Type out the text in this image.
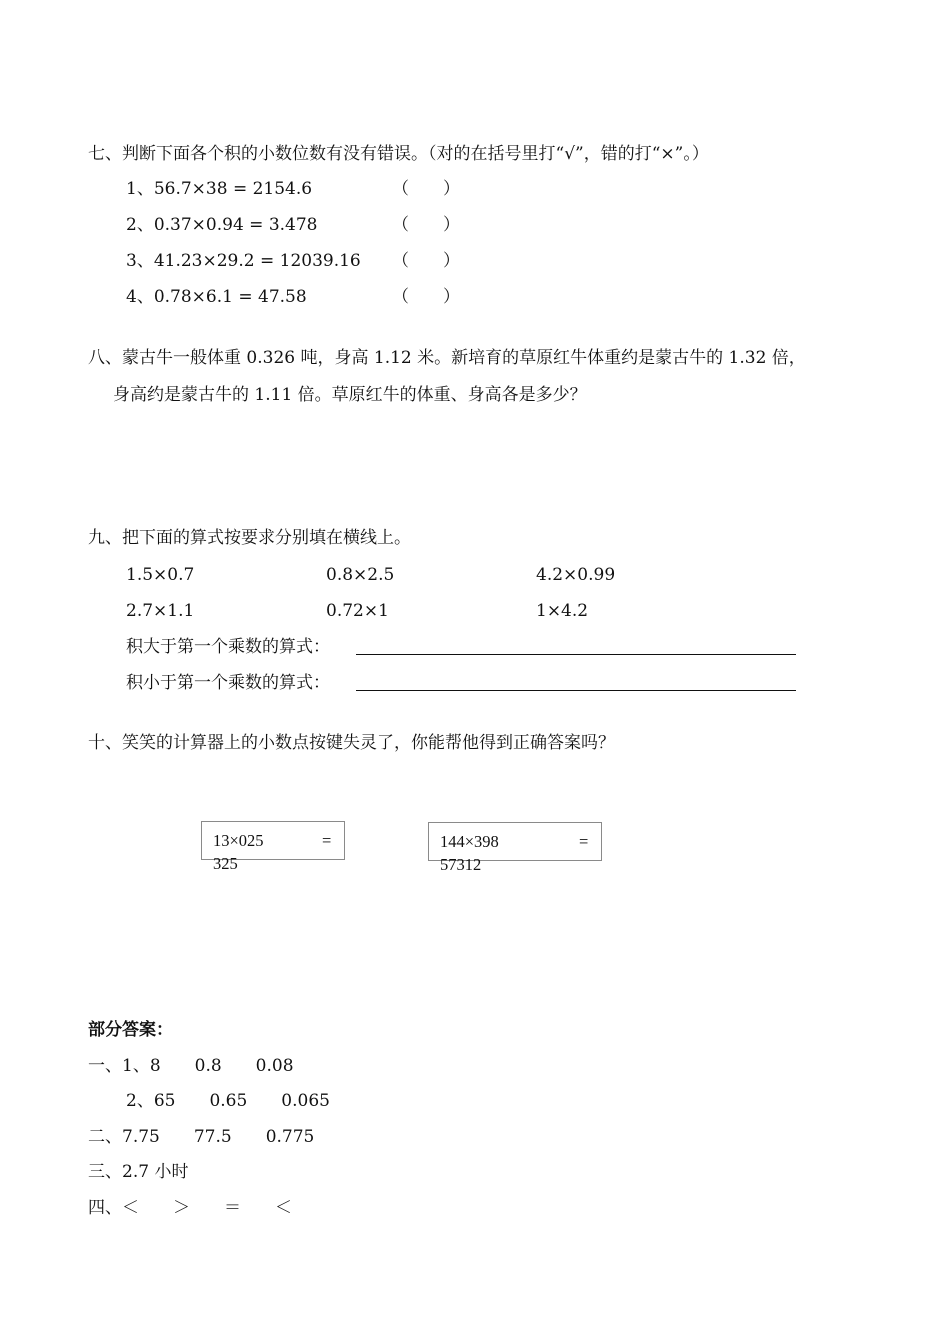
七、判断下面各个积的小数位数有没有错误。（对的在括号里打“√”，错的打“×”。）
1、56.7×38 = 2154.6	（　　）
2、0.37×0.94 = 3.478	（　　）
3、41.23×29.2 = 12039.16 （　　）
4、0.78×6.1 = 47.58	（　　）
八、蒙古牛一般体重 0.326 吨，身高 1.12 米。新培育的草原红牛体重约是蒙古牛的 1.32 倍，
身高约是蒙古牛的 1.11 倍。草原红牛的体重、身高各是多少？
九、把下面的算式按要求分别填在横线上。
1.5×0.7	0.8×2.5	4.2×0.99
2.7×1.1	0.72×1	1×4.2
积大于第一个乘数的算式：
积小于第一个乘数的算式：
十、笑笑的计算器上的小数点按键失灵了，你能帮他得到正确答案吗？
13×025	=
325
144×398	=
57312
部分答案：
一、1、8　　0.8　　0.08
2、65　　0.65　　0.065
二、7.75　　77.5　　0.775
三、2.7 小时
四、＜　　＞　　＝　　＜
